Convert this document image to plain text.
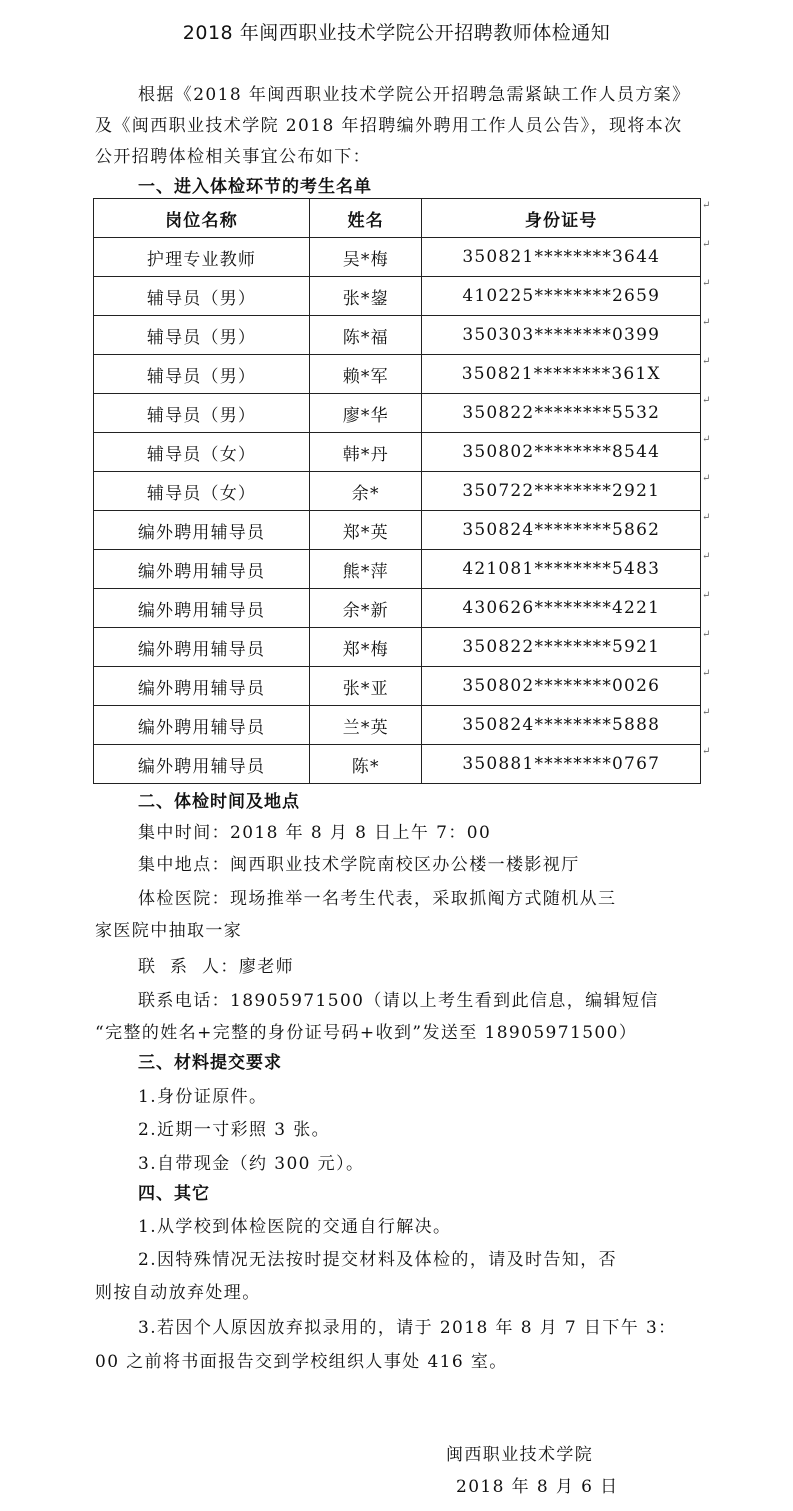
2018 年闽西职业技术学院公开招聘教师体检通知

根据《2018 年闽西职业技术学院公开招聘急需紧缺工作人员方案》及《闽西职业技术学院 2018 年招聘编外聘用工作人员公告》，现将本次公开招聘体检相关事宜公布如下：

一、进入体检环节的考生名单
岗位名称	姓名	身份证号
护理专业教师	吴*梅	350821********3644
辅导员（男）	张*鋆	410225********2659
辅导员（男）	陈*福	350303********0399
辅导员（男）	赖*军	350821********361X
辅导员（男）	廖*华	350822********5532
辅导员（女）	韩*丹	350802********8544
辅导员（女）	余*	350722********2921
编外聘用辅导员	郑*英	350824********5862
编外聘用辅导员	熊*萍	421081********5483
编外聘用辅导员	余*新	430626********4221
编外聘用辅导员	郑*梅	350822********5921
编外聘用辅导员	张*亚	350802********0026
编外聘用辅导员	兰*英	350824********5888
编外聘用辅导员	陈*	350881********0767
↵
↵
↵
↵
↵
↵
↵
↵
↵
↵
↵
↵
↵
↵
↵
二、体检时间及地点
集中时间：2018 年 8 月 8 日上午 7：00
集中地点：闽西职业技术学院南校区办公楼一楼影视厅
体检医院：现场推举一名考生代表，采取抓阄方式随机从三
家医院中抽取一家
联  系  人：廖老师
联系电话：18905971500（请以上考生看到此信息，编辑短信
“完整的姓名+完整的身份证号码+收到”发送至 18905971500）
三、材料提交要求
1.身份证原件。
2.近期一寸彩照 3 张。
3.自带现金（约 300 元）。
四、其它
1.从学校到体检医院的交通自行解决。
2.因特殊情况无法按时提交材料及体检的，请及时告知，否
则按自动放弃处理。
3.若因个人原因放弃拟录用的，请于 2018 年 8 月 7 日下午 3：
00 之前将书面报告交到学校组织人事处 416 室。
闽西职业技术学院
2018 年 8 月 6 日
